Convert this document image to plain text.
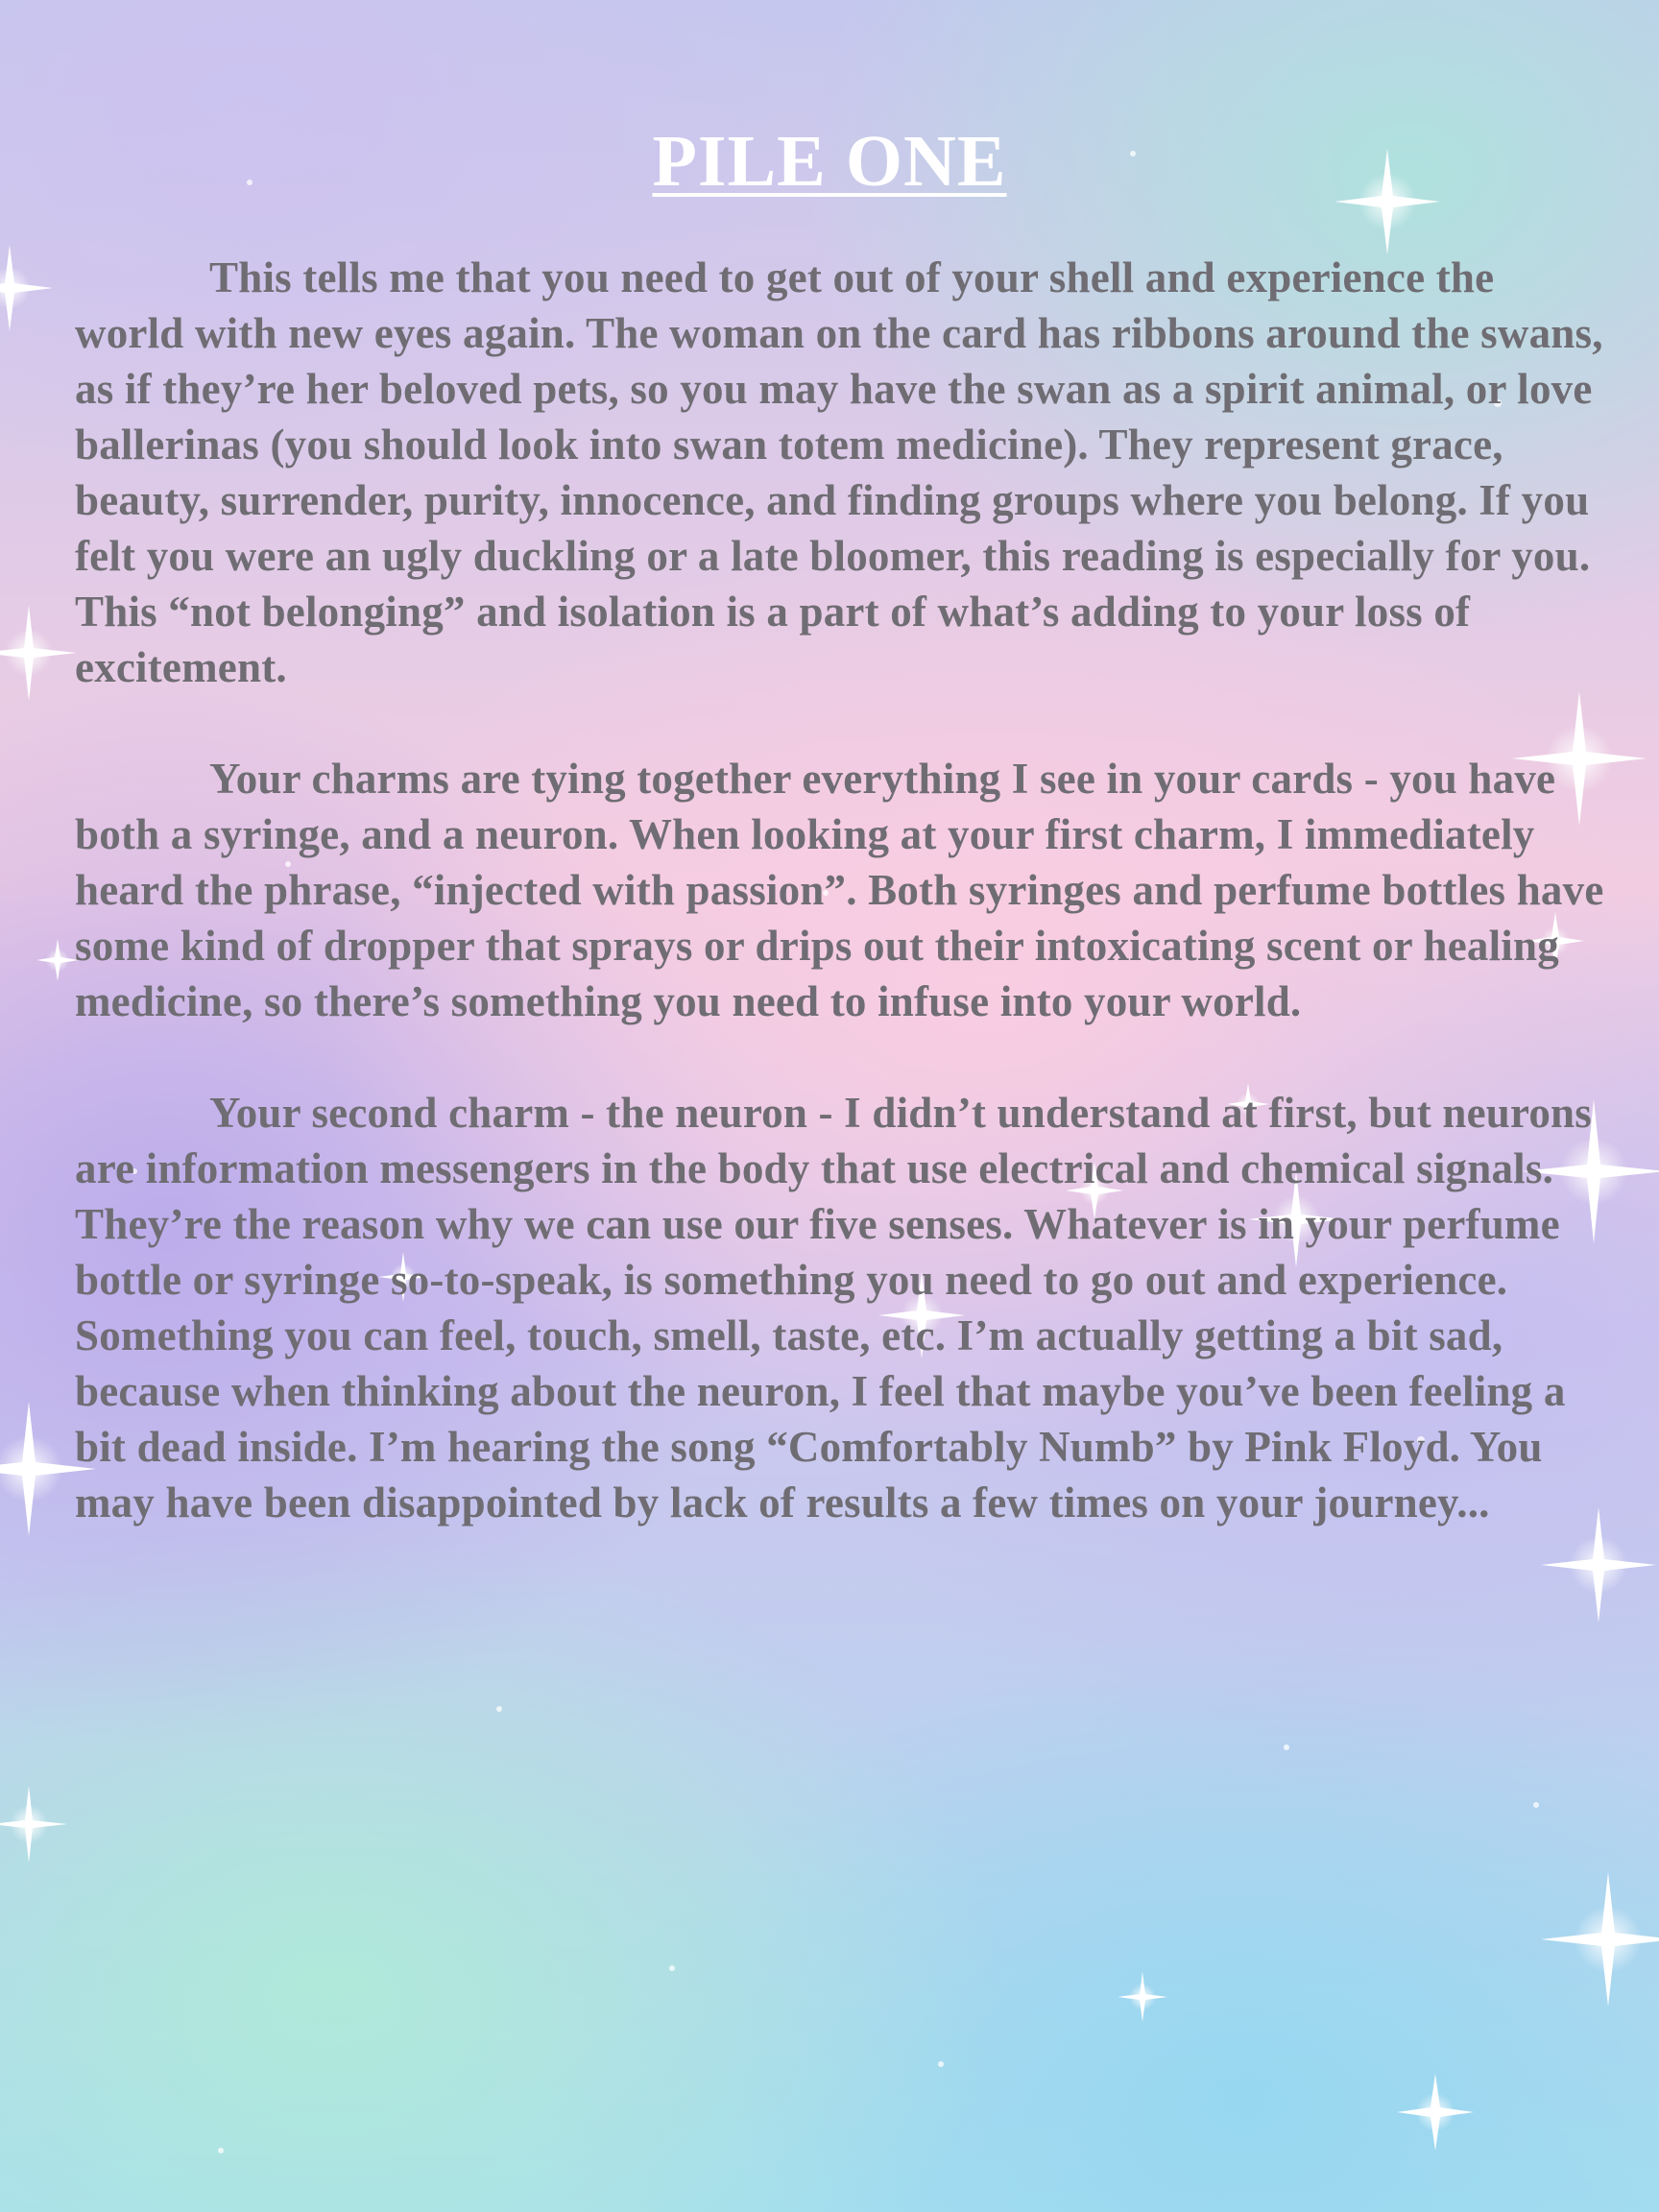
PILE ONE

This tells me that you need to get out of your shell and experience the world with new eyes again. The woman on the card has ribbons around the swans, as if they’re her beloved pets, so you may have the swan as a spirit animal, or love ballerinas (you should look into swan totem medicine). They represent grace, beauty, surrender, purity, innocence, and finding groups where you belong. If you felt you were an ugly duckling or a late bloomer, this reading is especially for you. This “not belonging” and isolation is a part of what’s adding to your loss of excitement.

Your charms are tying together everything I see in your cards - you have both a syringe, and a neuron. When looking at your first charm, I immediately heard the phrase, “injected with passion”. Both syringes and perfume bottles have some kind of dropper that sprays or drips out their intoxicating scent or healing medicine, so there’s something you need to infuse into your world.

Your second charm - the neuron - I didn’t understand at first, but neurons are information messengers in the body that use electrical and chemical signals. They’re the reason why we can use our five senses. Whatever is in your perfume bottle or syringe so-to-speak, is something you need to go out and experience. Something you can feel, touch, smell, taste, etc. I’m actually getting a bit sad, because when thinking about the neuron, I feel that maybe you’ve been feeling a bit dead inside. I’m hearing the song “Comfortably Numb” by Pink Floyd. You may have been disappointed by lack of results a few times on your journey...
